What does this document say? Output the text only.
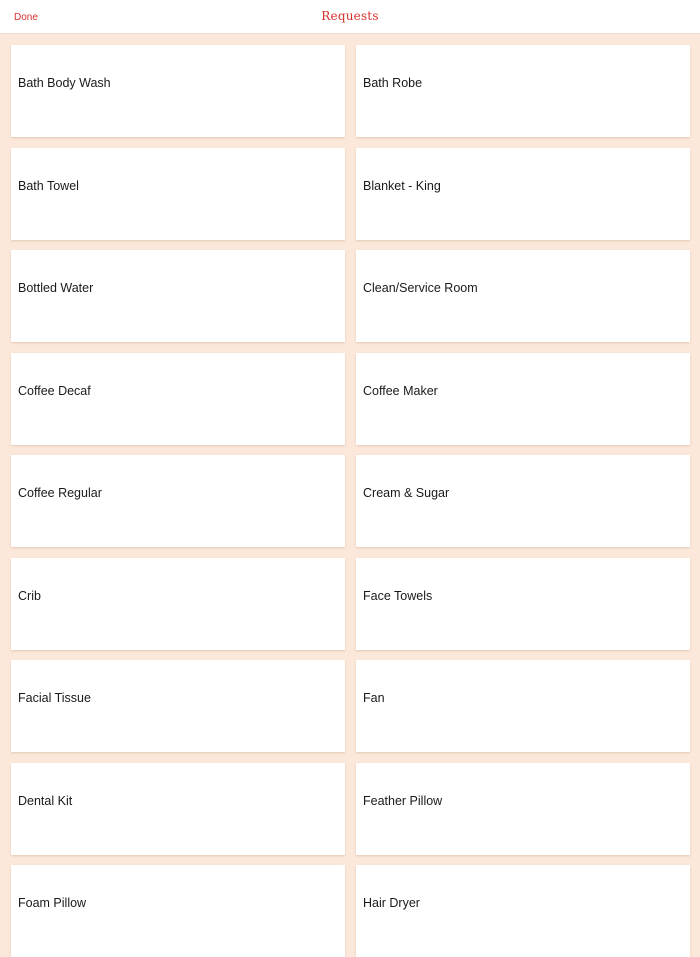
Done	Requests
Bath Body Wash	Bath Robe
Bath Towel	Blanket - King
Bottled Water	Clean/Service Room
Coffee Decaf	Coffee Maker
Coffee Regular	Cream & Sugar
Crib	Face Towels
Facial Tissue	Fan
Dental Kit	Feather Pillow
Foam Pillow	Hair Dryer
